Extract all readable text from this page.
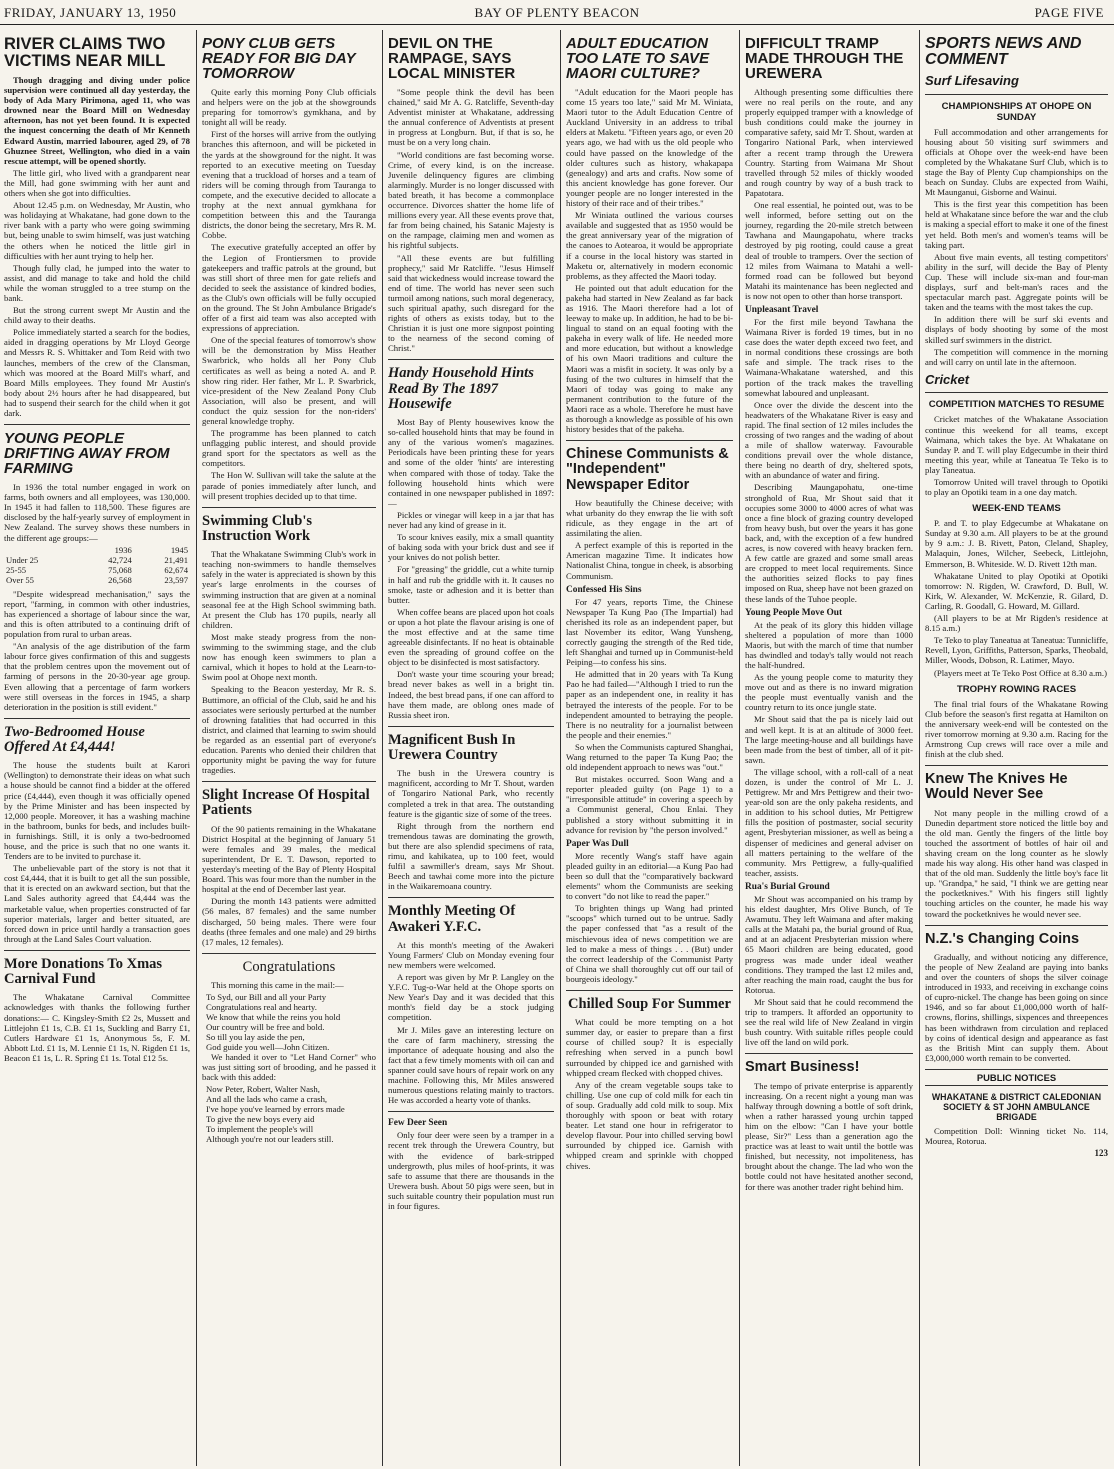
FRIDAY, JANUARY 13, 1950	BAY OF PLENTY BEACON	PAGE FIVE
RIVER CLAIMS TWO VICTIMS NEAR MILL

Though dragging and diving under police supervision were continued all day yesterday, the body of Ada Mary Pirimona, aged 11, who was drowned near the Board Mill on Wednesday afternoon, has not yet been found. It is expected the inquest concerning the death of Mr Kenneth Edward Austin, married labourer, aged 29, of 78 Ghuznee Street, Wellington, who died in a vain rescue attempt, will be opened shortly.

The little girl, who lived with a grandparent near the Mill, had gone swimming with her aunt and others when she got into difficulties.

About 12.45 p.m. on Wednesday, Mr Austin, who was holidaying at Whakatane, had gone down to the river bank with a party who were going swimming but, being unable to swim himself, was just watching the others when he noticed the little girl in difficulties with her aunt trying to help her.

Though fully clad, he jumped into the water to assist, and did manage to take and hold the child while the woman struggled to a tree stump on the bank.

But the strong current swept Mr Austin and the child away to their deaths.

Police immediately started a search for the bodies, aided in dragging operations by Mr Lloyd George and Messrs R. S. Whittaker and Tom Reid with two launches, members of the crew of the Clansman, which was moored at the Board Mill's wharf, and Board Mills employees. They found Mr Austin's body about 2½ hours after he had disappeared, but had to suspend their search for the child when it got dark.

YOUNG PEOPLE DRIFTING AWAY FROM FARMING

In 1936 the total number engaged in work on farms, both owners and all employees, was 130,000. In 1945 it had fallen to 118,500. These figures are disclosed by the half-yearly survey of employment in New Zealand. The survey shows these numbers in the different age groups:—

	1936	1945
Under 25	42,724	21,491
25-55	75,068	62,674
Over 55	26,568	23,597

"Despite widespread mechanisation," says the report, "farming, in common with other industries, has experienced a shortage of labour since the war, and this is often attributed to a continuing drift of population from rural to urban areas.

"An analysis of the age distribution of the farm labour force gives confirmation of this and suggests that the problem centres upon the movement out of farming of persons in the 20-30-year age group. Even allowing that a percentage of farm workers were still overseas in the forces in 1945, a sharp deterioration in the position is still evident."

Two-Bedroomed House Offered At £4,444!

The house the students built at Karori (Wellington) to demonstrate their ideas on what such a house should be cannot find a bidder at the offered price (£4,444), even though it was officially opened by the Prime Minister and has been inspected by 12,000 people. Moreover, it has a washing machine in the bathroom, bunks for beds, and includes built-in furnishings. Still, it is only a two-bedroomed house, and the price is such that no one wants it. Tenders are to be invited to purchase it.

The unbelievable part of the story is not that it cost £4,444, that it is built to get all the sun possible, that it is erected on an awkward section, but that the Land Sales authority agreed that £4,444 was the marketable value, when properties constructed of far superior materials, larger and better situated, are forced down in price until hardly a transaction goes through at the Land Sales Court valuation.

More Donations To Xmas Carnival Fund

The Whakatane Carnival Committee acknowledges with thanks the following further donations:— C. Kingsley-Smith £2 2s, Mussett and Littlejohn £1 1s, C.B. £1 1s, Suckling and Barry £1, Cutlers Hardware £1 1s, Anonymous 5s, F. M. Abbott Ltd. £1 1s, M. Lennie £1 1s, N. Rigden £1 1s, Beacon £1 1s, L. R. Spring £1 1s. Total £12 5s.

PONY CLUB GETS READY FOR BIG DAY TOMORROW

Quite early this morning Pony Club officials and helpers were on the job at the showgrounds preparing for tomorrow's gymkhana, and by tonight all will be ready.

First of the horses will arrive from the outlying branches this afternoon, and will be picketed in the yards at the showground for the night. It was reported to an executive meeting on Tuesday evening that a truckload of horses and a team of riders will be coming through from Tauranga to compete, and the executive decided to allocate a trophy at the next annual gymkhana for competition between this and the Tauranga districts, the donor being the secretary, Mrs R. M. Cobbe.

The executive gratefully accepted an offer by the Legion of Frontiersmen to provide gatekeepers and traffic patrols at the ground, but was still short of three men for gate reliefs and decided to seek the assistance of kindred bodies, as the Club's own officials will be fully occupied on the ground. The St John Ambulance Brigade's offer of a first aid team was also accepted with expressions of appreciation.

One of the special features of tomorrow's show will be the demonstration by Miss Heather Swarbrick, who holds all her Pony Club certificates as well as being a noted A. and P. show ring rider. Her father, Mr L. P. Swarbrick, vice-president of the New Zealand Pony Club Association, will also be present, and will conduct the quiz session for the non-riders' general knowledge trophy.

The programme has been planned to catch unflagging public interest, and should provide grand sport for the spectators as well as the competitors.

The Hon W. Sullivan will take the salute at the parade of ponies immediately after lunch, and will present trophies decided up to that time.

Swimming Club's Instruction Work

That the Whakatane Swimming Club's work in teaching non-swimmers to handle themselves safely in the water is appreciated is shown by this year's large enrolments in the courses of swimming instruction that are given at a nominal seasonal fee at the High School swimming bath. At present the Club has 170 pupils, nearly all children.

Most make steady progress from the non-swimming to the swimming stage, and the club now has enough keen swimmers to plan a carnival, which it hopes to hold at the Learn-to-Swim pool at Ohope next month.

Speaking to the Beacon yesterday, Mr R. S. Buttimore, an official of the Club, said he and his associates were seriously perturbed at the number of drowning fatalities that had occurred in this district, and claimed that learning to swim should be regarded as an essential part of everyone's education. Parents who denied their children that opportunity might be paving the way for future tragedies.

Slight Increase Of Hospital Patients

Of the 90 patients remaining in the Whakatane District Hospital at the beginning of January 51 were females and 39 males, the medical superintendent, Dr E. T. Dawson, reported to yesterday's meeting of the Bay of Plenty Hospital Board. This was four more than the number in the hospital at the end of December last year.

During the month 143 patients were admitted (56 males, 87 females) and the same number discharged, 50 being males. There were four deaths (three females and one male) and 29 births (17 males, 12 females).

Congratulations

This morning this came in the mail:—

To Syd, our Bill and all your Party
Congratulations real and hearty.
We know that while the reins you hold
Our country will be free and bold.
So till you lay aside the pen,
God guide you well—John Citizen.

We handed it over to "Let Hand Corner" who was just sitting sort of brooding, and he passed it back with this added:

Now Peter, Robert, Walter Nash,
And all the lads who came a crash,
I've hope you've learned by errors made
To give the new boys every aid
To implement the people's will
Although you're not our leaders still.
DEVIL ON THE RAMPAGE, SAYS LOCAL MINISTER

"Some people think the devil has been chained," said Mr A. G. Ratcliffe, Seventh-day Adventist minister at Whakatane, addressing the annual conference of Adventists at present in progress at Longburn. But, if that is so, he must be on a very long chain.

"World conditions are fast becoming worse. Crime, of every kind, is on the increase. Juvenile delinquency figures are climbing alarmingly. Murder is no longer discussed with bated breath, it has become a commonplace occurrence. Divorces shatter the home life of millions every year. All these events prove that, far from being chained, his Satanic Majesty is on the rampage, claiming men and women as his rightful subjects.

"All these events are but fulfilling prophecy," said Mr Ratcliffe. "Jesus Himself said that wickedness would increase toward the end of time. The world has never seen such turmoil among nations, such moral degeneracy, such spiritual apathy, such disregard for the rights of others as exists today, but to the Christian it is just one more signpost pointing to the nearness of the second coming of Christ."

Handy Household Hints Read By The 1897 Housewife

Most Bay of Plenty housewives know the so-called household hints that may be found in any of the various women's magazines. Periodicals have been printing these for years and some of the older 'hints' are interesting when compared with those of today. Take the following household hints which were contained in one newspaper published in 1897:—

Pickles or vinegar will keep in a jar that has never had any kind of grease in it.

To scour knives easily, mix a small quantity of baking soda with your brick dust and see if your knives do not polish better.

For "greasing" the griddle, cut a white turnip in half and rub the griddle with it. It causes no smoke, taste or adhesion and it is better than butter.

When coffee beans are placed upon hot coals or upon a hot plate the flavour arising is one of the most effective and at the same time agreeable disinfectants. If no heat is obtainable even the spreading of ground coffee on the object to be disinfected is most satisfactory.

Don't waste your time scouring your bread; bread never bakes as well in a bright tin. Indeed, the best bread pans, if one can afford to have them made, are oblong ones made of Russia sheet iron.

Magnificent Bush In Urewera Country

The bush in the Urewera country is magnificent, according to Mr T. Shout, warden of Tongariro National Park, who recently completed a trek in that area. The outstanding feature is the gigantic size of some of the trees.

Right through from the northern end tremendous tawas are dominating the growth, but there are also splendid specimens of rata, rimu, and kahikatea, up to 100 feet, would fulfil a sawmiller's dream, says Mr Shout. Beech and tawhai come more into the picture in the Waikaremoana country.

Monthly Meeting Of Awakeri Y.F.C.

At this month's meeting of the Awakeri Young Farmers' Club on Monday evening four new members were welcomed.

A report was given by Mr P. Langley on the Y.F.C. Tug-o-War held at the Ohope sports on New Year's Day and it was decided that this month's field day be a stock judging competition.

Mr J. Miles gave an interesting lecture on the care of farm machinery, stressing the importance of adequate housing and also the fact that a few timely moments with oil can and spanner could save hours of repair work on any machine. Following this, Mr Miles answered numerous questions relating mainly to tractors. He was accorded a hearty vote of thanks.

Few Deer Seen

Only four deer were seen by a tramper in a recent trek through the Urewera Country, but with the evidence of bark-stripped undergrowth, plus miles of hoof-prints, it was safe to assume that there are thousands in the Urewera bush. About 50 pigs were seen, but in such suitable country their population must run in four figures.

ADULT EDUCATION TOO LATE TO SAVE MAORI CULTURE?

"Adult education for the Maori people has come 15 years too late," said Mr M. Winiata, Maori tutor to the Adult Education Centre of Auckland University in an address to tribal elders at Maketu. "Fifteen years ago, or even 20 years ago, we had with us the old people who could have passed on the knowledge of the older cultures such as history, whakapapa (genealogy) and arts and crafts. Now some of this ancient knowledge has gone forever. Our younger people are no longer interested in the history of their race and of their tribes."

Mr Winiata outlined the various courses available and suggested that as 1950 would be the great anniversary year of the migration of the canoes to Aotearoa, it would be appropriate if a course in the local history was started in Maketu or, alternatively in modern economic problems, as they affected the Maori today.

He pointed out that adult education for the pakeha had started in New Zealand as far back as 1916. The Maori therefore had a lot of leeway to make up. In addition, he had to be bi-lingual to stand on an equal footing with the pakeha in every walk of life. He needed more and more education, but without a knowledge of his own Maori traditions and culture the Maori was a misfit in society. It was only by a fusing of the two cultures in himself that the Maori of today was going to make any permanent contribution to the future of the Maori race as a whole. Therefore he must have as thorough a knowledge as possible of his own history besides that of the pakeha.

Chinese Communists & "Independent" Newspaper Editor

How beautifully the Chinese deceive; with what urbanity do they enwrap the lie with soft ridicule, as they engage in the art of assimilating the alien.

A perfect example of this is reported in the American magazine Time. It indicates how Nationalist China, tongue in cheek, is absorbing Communism.

Confessed His Sins

For 47 years, reports Time, the Chinese Newspaper Ta Kung Pao (The Impartial) had cherished its role as an independent paper, but last November its editor, Wang Yunsheng, correctly gauging the strength of the Red tide, left Shanghai and turned up in Communist-held Peiping—to confess his sins.

He admitted that in 20 years with Ta Kung Pao he had failed—"Although I tried to run the paper as an independent one, in reality it has betrayed the interests of the people. For to be independent amounted to betraying the people. There is no neutrality for a journalist between the people and their enemies."

So when the Communists captured Shanghai, Wang returned to the paper Ta Kung Pao; the old independent approach to news was "out."

But mistakes occurred. Soon Wang and a reporter pleaded guilty (on Page 1) to a "irresponsible attitude" in covering a speech by a Communist general, Chou Enlai. They published a story without submitting it in advance for revision by "the person involved."

Paper Was Dull

More recently Wang's staff have again pleaded guilty in an editorial—a Kung Pao had been so dull that the "comparatively backward elements" whom the Communists are seeking to convert "do not like to read the paper."

To brighten things up Wang had printed "scoops" which turned out to be untrue. Sadly the paper confessed that "as a result of the mischievous idea of news competition we are led to make a mess of things . . . (But) under the correct leadership of the Communist Party of China we shall thoroughly cut off our tail of bourgeois ideology."

Chilled Soup For Summer

What could be more tempting on a hot summer day, or easier to prepare than a first course of chilled soup? It is especially refreshing when served in a punch bowl surrounded by chipped ice and garnished with whipped cream flecked with chopped chives.

Any of the cream vegetable soups take to chilling. Use one cup of cold milk for each tin of soup. Gradually add cold milk to soup. Mix thoroughly with spoon or beat with rotary beater. Let stand one hour in refrigerator to develop flavour. Pour into chilled serving bowl surrounded by chipped ice. Garnish with whipped cream and sprinkle with chopped chives.

DIFFICULT TRAMP MADE THROUGH THE UREWERA

Although presenting some difficulties there were no real perils on the route, and any properly equipped tramper with a knowledge of bush conditions could make the journey in comparative safety, said Mr T. Shout, warden at Tongariro National Park, when interviewed after a recent tramp through the Urewera Country. Starting from Waimana Mr Shout travelled through 52 miles of thickly wooded and rough country by way of a bush track to Papatotara.

One real essential, he pointed out, was to be well informed, before setting out on the journey, regarding the 20-mile stretch between Tawhana and Maungapohatu, where tracks destroyed by pig rooting, could cause a great deal of trouble to trampers. Over the section of 12 miles from Waimana to Matahi a well-formed road can be followed but beyond Matahi its maintenance has been neglected and is now not open to other than horse transport.

Unpleasant Travel

For the first mile beyond Tawhana the Waimana River is forded 19 times, but in no case does the water depth exceed two feet, and in normal conditions these crossings are both safe and simple. The track rises to the Waimana-Whakatane watershed, and this portion of the track makes the travelling somewhat laboured and unpleasant.

Once over the divide the descent into the headwaters of the Whakatane River is easy and rapid. The final section of 12 miles includes the crossing of two ranges and the wading of about a mile of shallow waterway. Favourable conditions prevail over the whole distance, there being no dearth of dry, sheltered spots, with an abundance of water and firing.

Describing Maungapohatu, one-time stronghold of Rua, Mr Shout said that it occupies some 3000 to 4000 acres of what was once a fine block of grazing country developed from heavy bush, but over the years it has gone back, and, with the exception of a few hundred acres, is now covered with heavy bracken fern. A few cattle are grazed and some small areas are cropped to meet local requirements. Since the authorities seized flocks to pay fines imposed on Rua, sheep have not been grazed on these lands of the Tuhoe people.

Young People Move Out

At the peak of its glory this hidden village sheltered a population of more than 1000 Maoris, but with the march of time that number has dwindled and today's tally would not reach the half-hundred.

As the young people come to maturity they move out and as there is no inward migration the people must eventually vanish and the country return to its once jungle state.

Mr Shout said that the pa is nicely laid out and well kept. It is at an altitude of 3000 feet. The large meeting-house and all buildings have been made from the best of timber, all of it pit-sawn.

The village school, with a roll-call of a neat dozen, is under the control of Mr L. J. Pettigrew. Mr and Mrs Pettigrew and their two-year-old son are the only pakeha residents, and in addition to his school duties, Mr Pettigrew fills the position of postmaster, social security agent, Presbyterian missioner, as well as being a dispenser of medicines and general adviser on all matters pertaining to the welfare of the community. Mrs Pettigrew, a fully-qualified teacher, assists.

Rua's Burial Ground

Mr Shout was accompanied on his tramp by his eldest daughter, Mrs Olive Bunch, of Te Awamutu. They left Waimana and after making calls at the Matahi pa, the burial ground of Rua, and at an adjacent Presbyterian mission where 65 Maori children are being educated, good progress was made under ideal weather conditions. They tramped the last 12 miles and, after reaching the main road, caught the bus for Rotorua.

Mr Shout said that he could recommend the trip to trampers. It afforded an opportunity to see the real wild life of New Zealand in virgin bush country. With suitable rifles people could live off the land on wild pork.

Smart Business!

The tempo of private enterprise is apparently increasing. On a recent night a young man was halfway through downing a bottle of soft drink, when a rather harassed young urchin tapped him on the elbow: "Can I have your bottle please, Sir?" Less than a generation ago the practice was at least to wait until the bottle was finished, but necessity, not impoliteness, has brought about the change. The lad who won the bottle could not have hesitated another second, for there was another trader right behind him.

SPORTS NEWS AND COMMENT
Surf Lifesaving
CHAMPIONSHIPS AT OHOPE ON SUNDAY

Full accommodation and other arrangements for housing about 50 visiting surf swimmers and officials at Ohope over the week-end have been completed by the Whakatane Surf Club, which is to stage the Bay of Plenty Cup championships on the beach on Sunday. Clubs are expected from Waihi, Mt Maunganui, Gisborne and Wainui.

This is the first year this competition has been held at Whakatane since before the war and the club is making a special effort to make it one of the finest yet held. Both men's and women's teams will be taking part.

About five main events, all testing competitors' ability in the surf, will decide the Bay of Plenty Cup. These will include six-man and four-man displays, surf and belt-man's races and the spectacular march past. Aggregate points will be taken and the teams with the most takes the cup.

In addition there will be surf ski events and displays of body shooting by some of the most skilled surf swimmers in the district.

The competition will commence in the morning and will carry on until late in the afternoon.

Cricket
COMPETITION MATCHES TO RESUME

Cricket matches of the Whakatane Association continue this weekend for all teams, except Waimana, which takes the bye. At Whakatane on Sunday P. and T. will play Edgecumbe in their third meeting this year, while at Taneatua Te Teko is to play Taneatua.

Tomorrow United will travel through to Opotiki to play an Opotiki team in a one day match.

WEEK-END TEAMS

P. and T. to play Edgecumbe at Whakatane on Sunday at 9.30 a.m. All players to be at the ground by 9 a.m.: J. B. Rivett, Paton, Cleland, Shapley, Malaquin, Jones, Wilcher, Seebeck, Littlejohn, Emmerson, B. Whiteside. W. D. Rivett 12th man.

Whakatane United to play Opotiki at Opotiki tomorrow: N. Rigden, W. Crawford, D. Bull, W. Kirk, W. Alexander, W. McKenzie, R. Gilard, D. Carling, R. Goodall, G. Howard, M. Gillard.

(All players to be at Mr Rigden's residence at 8.15 a.m.)

Te Teko to play Taneatua at Taneatua: Tunnicliffe, Revell, Lyon, Griffiths, Patterson, Sparks, Theobald, Miller, Woods, Dobson, R. Latimer, Mayo.

(Players meet at Te Teko Post Office at 8.30 a.m.)

TROPHY ROWING RACES

The final trial fours of the Whakatane Rowing Club before the season's first regatta at Hamilton on the anniversary week-end will be contested on the river tomorrow morning at 9.30 a.m. Racing for the Armstrong Cup crews will race over a mile and finish at the club shed.

Knew The Knives He Would Never See

Not many people in the milling crowd of a Dunedin department store noticed the little boy and the old man. Gently the fingers of the little boy touched the assortment of bottles of hair oil and shaving cream on the long counter as he slowly made his way along. His other hand was clasped in that of the old man. Suddenly the little boy's face lit up. "Grandpa," he said, "I think we are getting near the pocketknives." With his fingers still lightly touching articles on the counter, he made his way toward the pocketknives he would never see.

N.Z.'s Changing Coins

Gradually, and without noticing any difference, the people of New Zealand are paying into banks and over the counters of shops the silver coinage introduced in 1933, and receiving in exchange coins of cupro-nickel. The change has been going on since 1946, and so far about £1,000,000 worth of half-crowns, florins, shillings, sixpences and threepences has been withdrawn from circulation and replaced by coins of identical design and appearance as fast as the British Mint can supply them. About £3,000,000 worth remain to be converted.

PUBLIC NOTICES
WHAKATANE & DISTRICT CALEDONIAN SOCIETY & ST JOHN AMBULANCE BRIGADE

Competition Doll: Winning ticket No. 114, Mourea, Rotorua.

123
